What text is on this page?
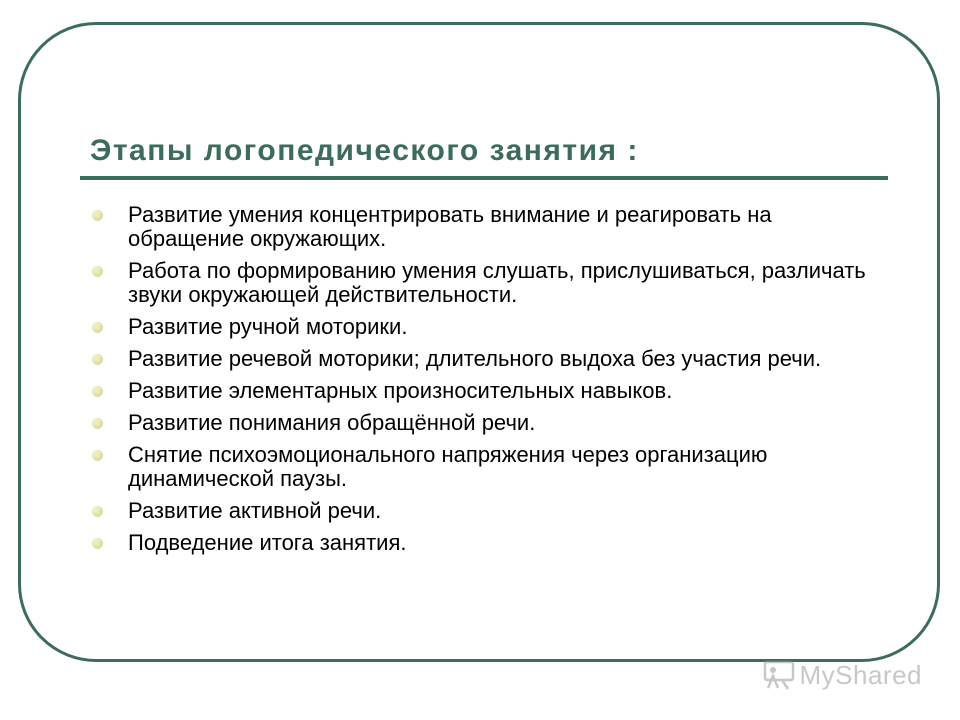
Этапы логопедического занятия :
Развитие умения концентрировать внимание и реагировать на обращение окружающих.
Работа по формированию умения слушать, прислушиваться, различать звуки окружающей действительности.
Развитие ручной моторики.
Развитие речевой моторики; длительного выдоха без участия речи.
Развитие элементарных произносительных навыков.
Развитие понимания обращённой речи.
Снятие психоэмоционального напряжения через организацию динамической паузы.
Развитие активной речи.
Подведение итога занятия.
MyShared
